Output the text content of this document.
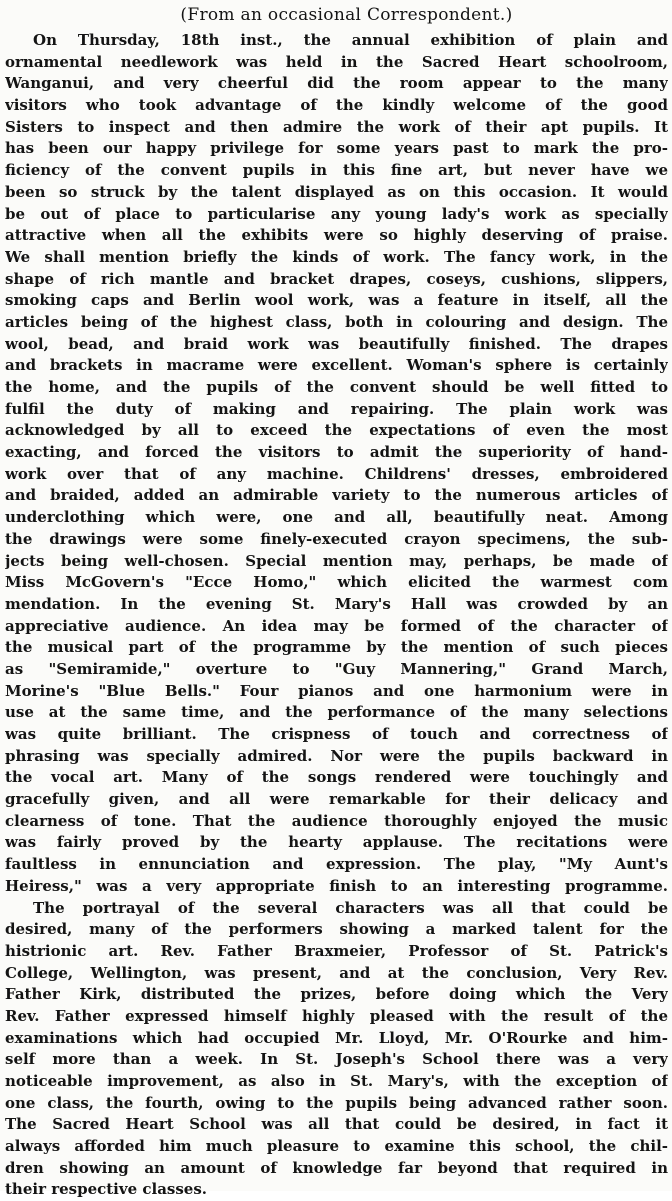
(From an occasional Correspondent.)
On Thursday, 18th inst., the annual exhibition of plain and
ornamental needlework was held in the Sacred Heart schoolroom,
Wanganui, and very cheerful did the room appear to the many
visitors who took advantage of the kindly welcome of the good
Sisters to inspect and then admire the work of their apt pupils. It
has been our happy privilege for some years past to mark the pro-
ficiency of the convent pupils in this fine art, but never have we
been so struck by the talent displayed as on this occasion. It would
be out of place to particularise any young lady's work as specially
attractive when all the exhibits were so highly deserving of praise.
We shall mention briefly the kinds of work. The fancy work, in the
shape of rich mantle and bracket drapes, coseys, cushions, slippers,
smoking caps and Berlin wool work, was a feature in itself, all the
articles being of the highest class, both in colouring and design. The
wool, bead, and braid work was beautifully finished. The drapes
and brackets in macrame were excellent. Woman's sphere is certainly
the home, and the pupils of the convent should be well fitted to
fulfil the duty of making and repairing. The plain work was
acknowledged by all to exceed the expectations of even the most
exacting, and forced the visitors to admit the superiority of hand-
work over that of any machine. Childrens' dresses, embroidered
and braided, added an admirable variety to the numerous articles of
underclothing which were, one and all, beautifully neat. Among
the drawings were some finely-executed crayon specimens, the sub-
jects being well-chosen. Special mention may, perhaps, be made of
Miss McGovern's "Ecce Homo," which elicited the warmest com
mendation. In the evening St. Mary's Hall was crowded by an
appreciative audience. An idea may be formed of the character of
the musical part of the programme by the mention of such pieces
as "Semiramide," overture to "Guy Mannering," Grand March,
Morine's "Blue Bells." Four pianos and one harmonium were in
use at the same time, and the performance of the many selections
was quite brilliant. The crispness of touch and correctness of
phrasing was specially admired. Nor were the pupils backward in
the vocal art. Many of the songs rendered were touchingly and
gracefully given, and all were remarkable for their delicacy and
clearness of tone. That the audience thoroughly enjoyed the music
was fairly proved by the hearty applause. The recitations were
faultless in ennunciation and expression. The play, "My Aunt's
Heiress," was a very appropriate finish to an interesting programme.
The portrayal of the several characters was all that could be
desired, many of the performers showing a marked talent for the
histrionic art. Rev. Father Braxmeier, Professor of St. Patrick's
College, Wellington, was present, and at the conclusion, Very Rev.
Father Kirk, distributed the prizes, before doing which the Very
Rev. Father expressed himself highly pleased with the result of the
examinations which had occupied Mr. Lloyd, Mr. O'Rourke and him-
self more than a week. In St. Joseph's School there was a very
noticeable improvement, as also in St. Mary's, with the exception of
one class, the fourth, owing to the pupils being advanced rather soon.
The Sacred Heart School was all that could be desired, in fact it
always afforded him much pleasure to examine this school, the chil-
dren showing an amount of knowledge far beyond that required in
their respective classes.
